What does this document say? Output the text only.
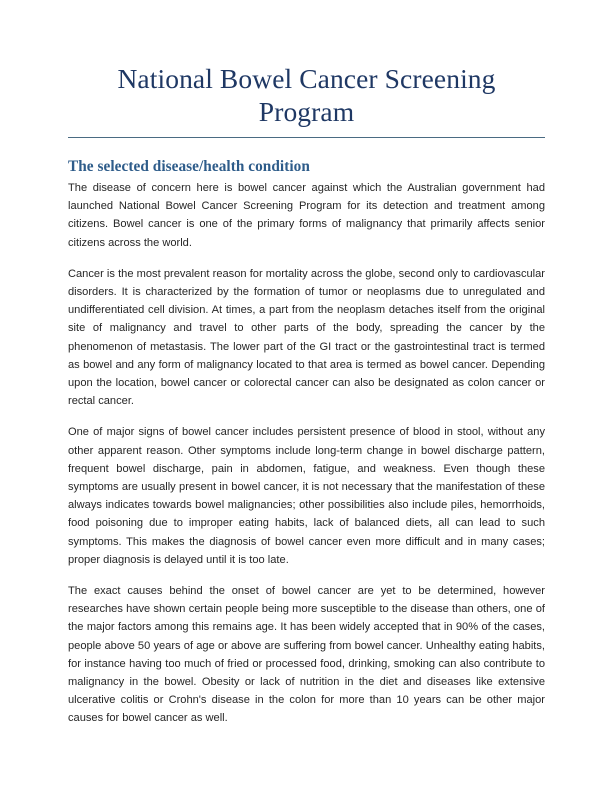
National Bowel Cancer Screening
Program
The selected disease/health condition

The disease of concern here is bowel cancer against which the Australian government had launched National Bowel Cancer Screening Program for its detection and treatment among citizens. Bowel cancer is one of the primary forms of malignancy that primarily affects senior citizens across the world.

Cancer is the most prevalent reason for mortality across the globe, second only to cardiovascular disorders. It is characterized by the formation of tumor or neoplasms due to unregulated and undifferentiated cell division. At times, a part from the neoplasm detaches itself from the original site of malignancy and travel to other parts of the body, spreading the cancer by the phenomenon of metastasis. The lower part of the GI tract or the gastrointestinal tract is termed as bowel and any form of malignancy located to that area is termed as bowel cancer. Depending upon the location, bowel cancer or colorectal cancer can also be designated as colon cancer or rectal cancer.

One of major signs of bowel cancer includes persistent presence of blood in stool, without any other apparent reason. Other symptoms include long-term change in bowel discharge pattern, frequent bowel discharge, pain in abdomen, fatigue, and weakness. Even though these symptoms are usually present in bowel cancer, it is not necessary that the manifestation of these always indicates towards bowel malignancies; other possibilities also include piles, hemorrhoids, food poisoning due to improper eating habits, lack of balanced diets, all can lead to such symptoms. This makes the diagnosis of bowel cancer even more difficult and in many cases; proper diagnosis is delayed until it is too late.

The exact causes behind the onset of bowel cancer are yet to be determined, however researches have shown certain people being more susceptible to the disease than others, one of the major factors among this remains age. It has been widely accepted that in 90% of the cases, people above 50 years of age or above are suffering from bowel cancer. Unhealthy eating habits, for instance having too much of fried or processed food, drinking, smoking can also contribute to malignancy in the bowel. Obesity or lack of nutrition in the diet and diseases like extensive ulcerative colitis or Crohn's disease in the colon for more than 10 years can be other major causes for bowel cancer as well.
